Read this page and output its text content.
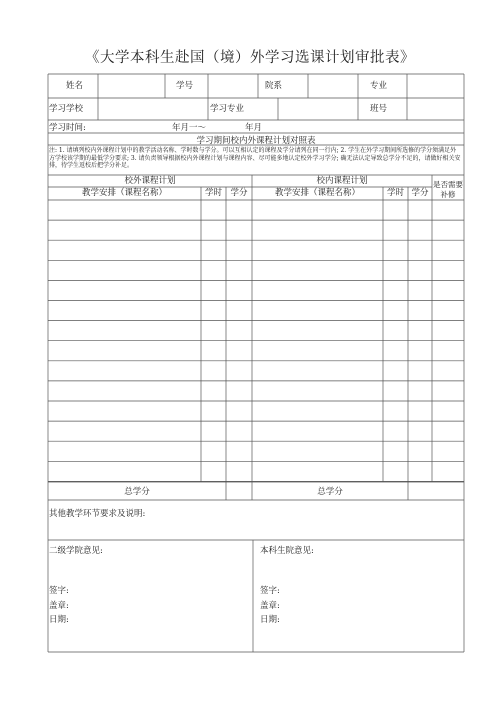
《大学本科生赴国（境）外学习选课计划审批表》
姓名	学号	院系	专业
学习学校	学习专业	班号
学习时间:	年月一～	年月
学习期间校内外课程计划对照表
注: 1. 请填列校内外课程计划中的教学活动名称、学时数与学分。可以互相认定的课程及学分请列在同一行内; 2. 学生在外学习期间所选修的学分须满足外方学校该学期的最低学分要求; 3. 请负责领导根据校内外课程计划与课程内容、尽可能多地认定校外学习学分; 确无法认定导致总学分不足的，请做好相关安排，待学生返校后把学分补足。
校外课程计划	校内课程计划
教学安排（课程名称）	学时 学分	教学安排（课程名称）	学时 学分
是否需要补修
总学分	总学分
其他教学环节要求及说明:
二级学院意见:	本科生院意见:
签字:
盖章:
日期:
签字:
盖章:
日期:
